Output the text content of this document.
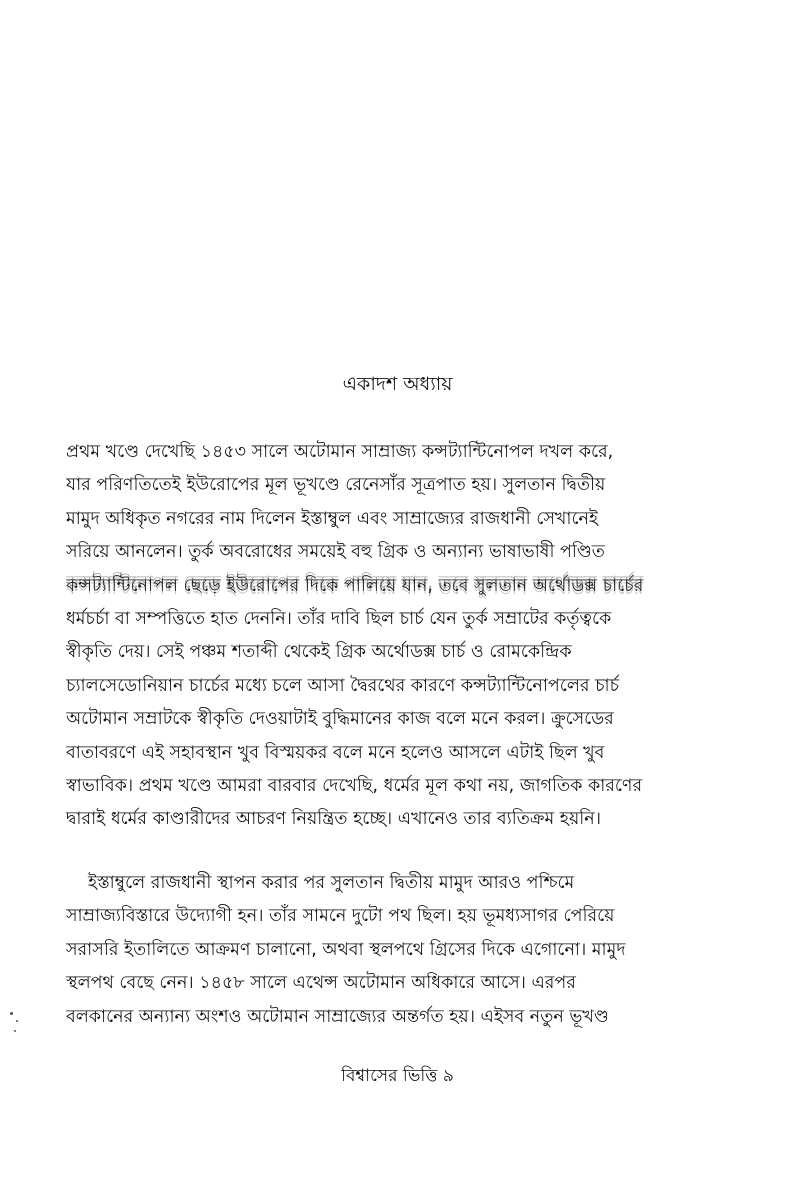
একাদশ অধ্যায়
প্রথম খণ্ডে দেখেছি ১৪৫৩ সালে অটোমান সাম্রাজ্য কন্সট্যান্টিনোপল দখল করে,
যার পরিণতিতেই ইউরোপের মূল ভূখণ্ডে রেনেসাঁর সূত্রপাত হয়। সুলতান দ্বিতীয়
মামুদ অধিকৃত নগরের নাম দিলেন ইস্তাম্বুল এবং সাম্রাজ্যের রাজধানী সেখানেই
সরিয়ে আনলেন। তুর্ক অবরোধের সময়েই বহু গ্রিক ও অন্যান্য ভাষাভাষী পণ্ডিত
কন্সট্যান্টিনোপল ছেড়ে ইউরোপের দিকে পালিয়ে যান, তবে সুলতান অর্থোডক্স চার্চের
ধর্মচর্চা বা সম্পত্তিতে হাত দেননি। তাঁর দাবি ছিল চার্চ যেন তুর্ক সম্রাটের কর্তৃত্বকে
স্বীকৃতি দেয়। সেই পঞ্চম শতাব্দী থেকেই গ্রিক অর্থোডক্স চার্চ ও রোমকেন্দ্রিক
চ্যালসেডোনিয়ান চার্চের মধ্যে চলে আসা দ্বৈরথের কারণে কন্সট্যান্টিনোপলের চার্চ
অটোমান সম্রাটকে স্বীকৃতি দেওয়াটাই বুদ্ধিমানের কাজ বলে মনে করল। ক্রুসেডের
বাতাবরণে এই সহাবস্থান খুব বিস্ময়কর বলে মনে হলেও আসলে এটাই ছিল খুব
স্বাভাবিক। প্রথম খণ্ডে আমরা বারবার দেখেছি, ধর্মের মূল কথা নয়, জাগতিক কারণের
দ্বারাই ধর্মের কাণ্ডারীদের আচরণ নিয়ন্ত্রিত হচ্ছে। এখানেও তার ব্যতিক্রম হয়নি।
ইস্তাম্বুলে রাজধানী স্থাপন করার পর সুলতান দ্বিতীয় মামুদ আরও পশ্চিমে
সাম্রাজ্যবিস্তারে উদ্যোগী হন। তাঁর সামনে দুটো পথ ছিল। হয় ভূমধ্যসাগর পেরিয়ে
সরাসরি ইতালিতে আক্রমণ চালানো, অথবা স্থলপথে গ্রিসের দিকে এগোনো। মামুদ
স্থলপথ বেছে নেন। ১৪৫৮ সালে এথেন্স অটোমান অধিকারে আসে। এরপর
বলকানের অন্যান্য অংশও অটোমান সাম্রাজ্যের অন্তর্গত হয়। এইসব নতুন ভূখণ্ড
বিশ্বাসের ভিত্তি ৯
